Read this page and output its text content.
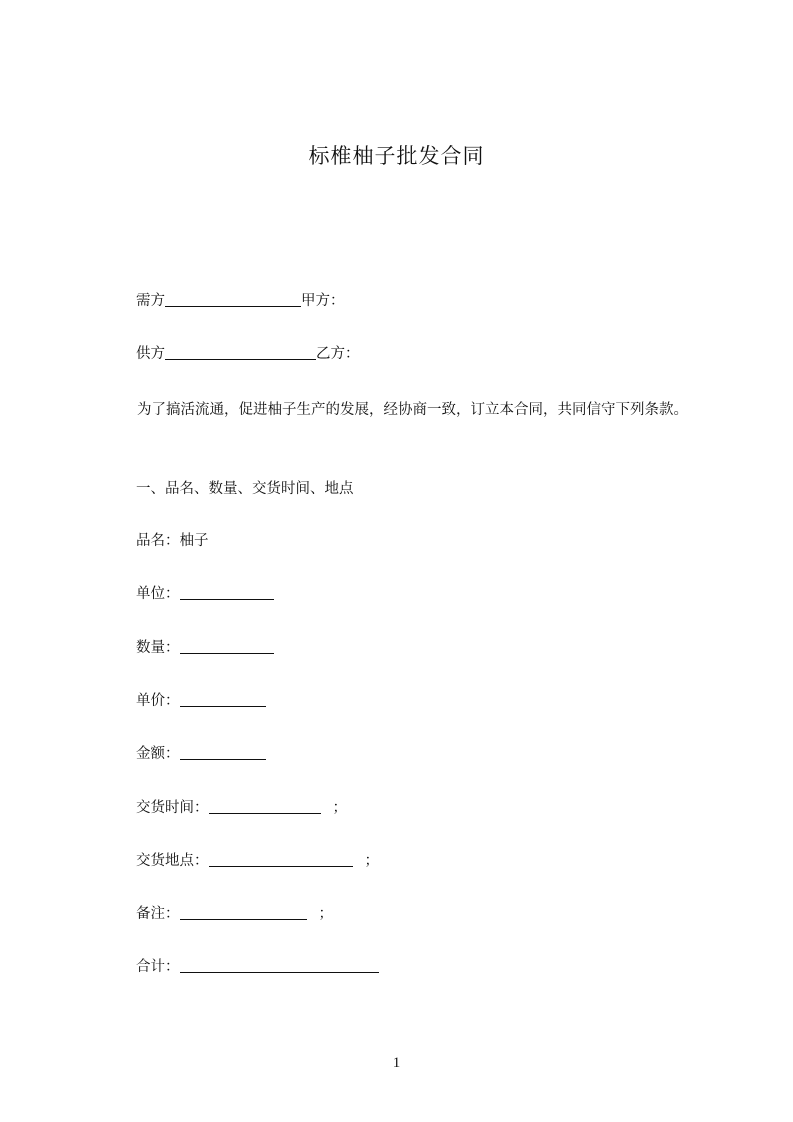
标椎柚子批发合同
需方	甲方：
供方	乙方：
为了搞活流通，促进柚子生产的发展，经协商一致，订立本合同，共同信守下列条款。
一、品名、数量、交货时间、地点
品名：柚子
单位：
数量：
单价：
金额：
交货时间：	；
交货地点：	；
备注：	；
合计：
1
